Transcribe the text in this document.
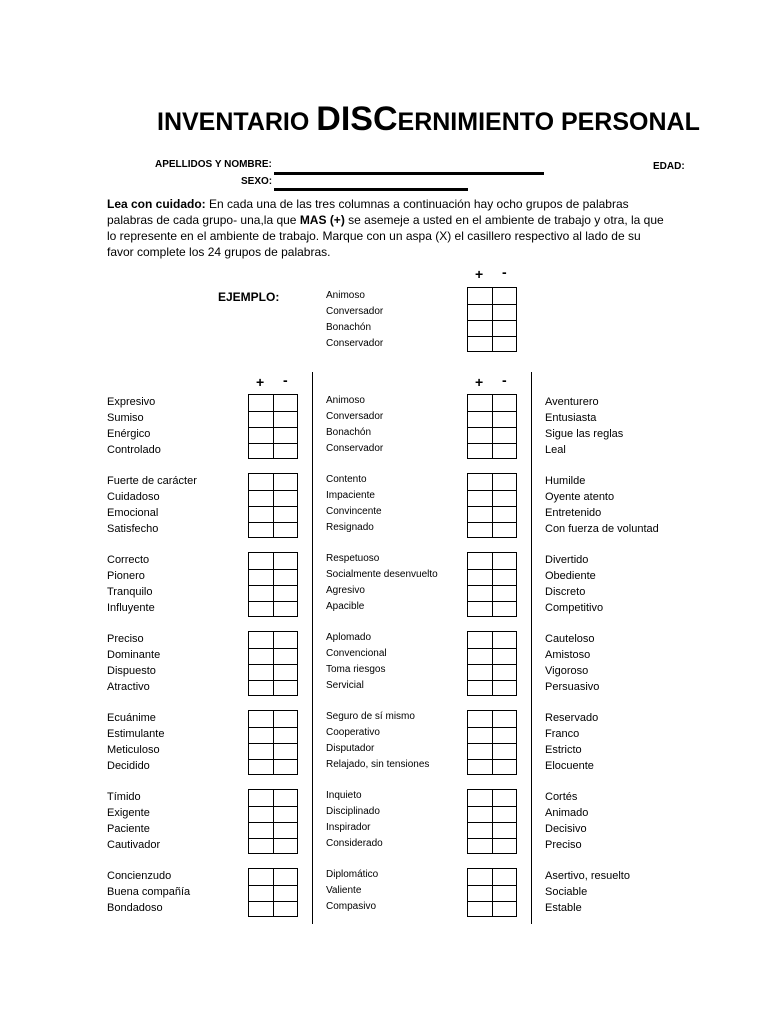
INVENTARIO DISCERNIMIENTO PERSONAL
APELLIDOS Y NOMBRE:	EDAD:
SEXO:

Lea con cuidado: En cada una de las tres columnas a continuación hay ocho grupos de palabras

palabras de cada grupo- una,la que MAS (+) se asemeje a usted en el ambiente de trabajo y otra, la que

lo represente en el ambiente de trabajo. Marque con un aspa (X) el casillero respectivo al lado de su

favor complete los 24 grupos de palabras.

EJEMPLO:
+ -
Animoso
Conversador
Bonachón
Conservador
+ -	+ -
Expresivo
Sumiso
Enérgico
Controlado
Animoso
Conversador
Bonachón
Conservador
Aventurero
Entusiasta
Sigue las reglas
Leal
Fuerte de carácter
Cuidadoso
Emocional
Satisfecho
Contento
Impaciente
Convincente
Resignado
Humilde
Oyente atento
Entretenido
Con fuerza de voluntad
Correcto
Pionero
Tranquilo
Influyente
Respetuoso
Socialmente desenvuelto
Agresivo
Apacible
Divertido
Obediente
Discreto
Competitivo
Preciso
Dominante
Dispuesto
Atractivo
Aplomado
Convencional
Toma riesgos
Servicial
Cauteloso
Amistoso
Vigoroso
Persuasivo
Ecuánime
Estimulante
Meticuloso
Decidido
Seguro de sí mismo
Cooperativo
Disputador
Relajado, sin tensiones
Reservado
Franco
Estricto
Elocuente
Tímido
Exigente
Paciente
Cautivador
Inquieto
Disciplinado
Inspirador
Considerado
Cortés
Animado
Decisivo
Preciso
Concienzudo
Buena compañía
Bondadoso
Diplomático
Valiente
Compasivo
Asertivo, resuelto
Sociable
Estable
